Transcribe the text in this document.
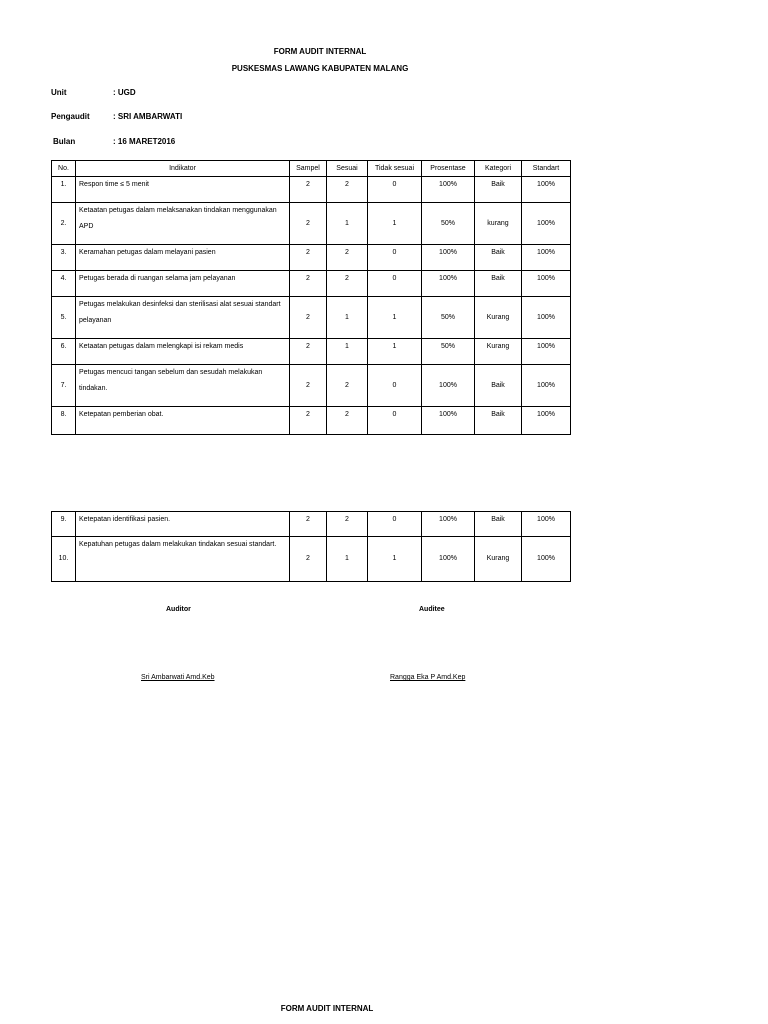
FORM AUDIT INTERNAL
PUSKESMAS LAWANG KABUPATEN MALANG
Unit	: UGD
Pengaudit	: SRI AMBARWATI
Bulan	: 16 MARET2016
No.	Indikator	Sampel	Sesuai	Tidak sesuai	Prosentase	Kategori	Standart
1.	Respon time ≤ 5 menit	2	2	0	100%	Baik	100%
2.	Ketaatan petugas dalam melaksanakan tindakan menggunakan APD	2	1	1	50%	kurang	100%
3.	Keramahan petugas dalam melayani pasien	2	2	0	100%	Baik	100%
4.	Petugas berada di ruangan selama jam pelayanan	2	2	0	100%	Baik	100%
5.	Petugas melakukan desinfeksi dan sterilisasi alat sesuai standart pelayanan	2	1	1	50%	Kurang	100%
6.	Ketaatan petugas dalam melengkapi isi rekam medis	2	1	1	50%	Kurang	100%
7.	Petugas mencuci tangan sebelum dan sesudah melakukan tindakan.	2	2	0	100%	Baik	100%
8.	Ketepatan pemberian obat.	2	2	0	100%	Baik	100%
9.	Ketepatan identifikasi pasien.	2	2	0	100%	Baik	100%
10.	Kepatuhan petugas dalam melakukan tindakan sesuai standart.	2	1	1	100%	Kurang	100%
Auditor	Auditee
Sri Ambarwati Amd.Keb	Rangga Eka P Amd.Kep
FORM AUDIT INTERNAL
